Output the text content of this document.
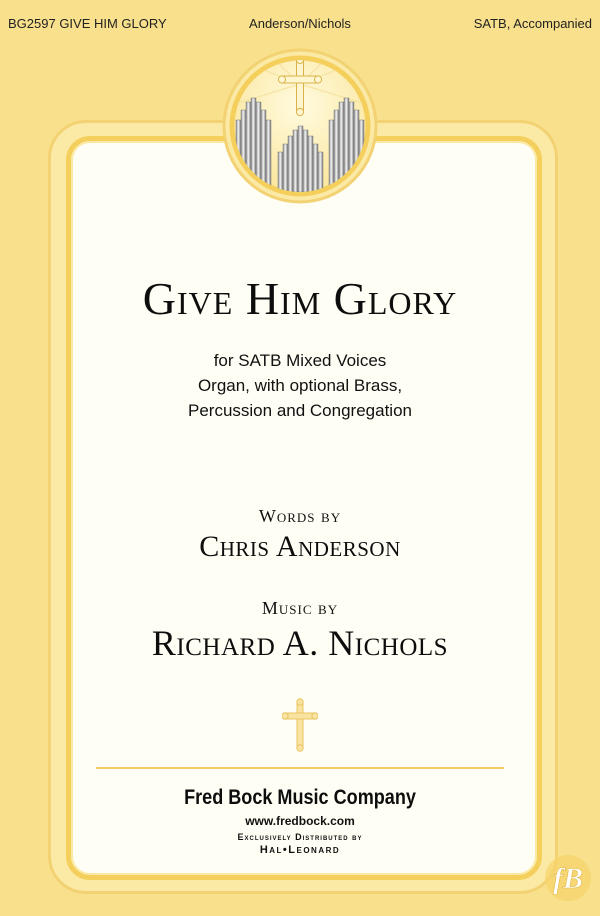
BG2597 GIVE HIM GLORY	Anderson/Nichols	SATB, Accompanied
Give Him Glory
for SATB Mixed Voices
Organ, with optional Brass,
Percussion and Congregation
Words by
Chris Anderson
Music by
Richard A. Nichols
Fred Bock Music Company
www.fredbock.com
Exclusively Distributed by
Hal•Leonard
fB
